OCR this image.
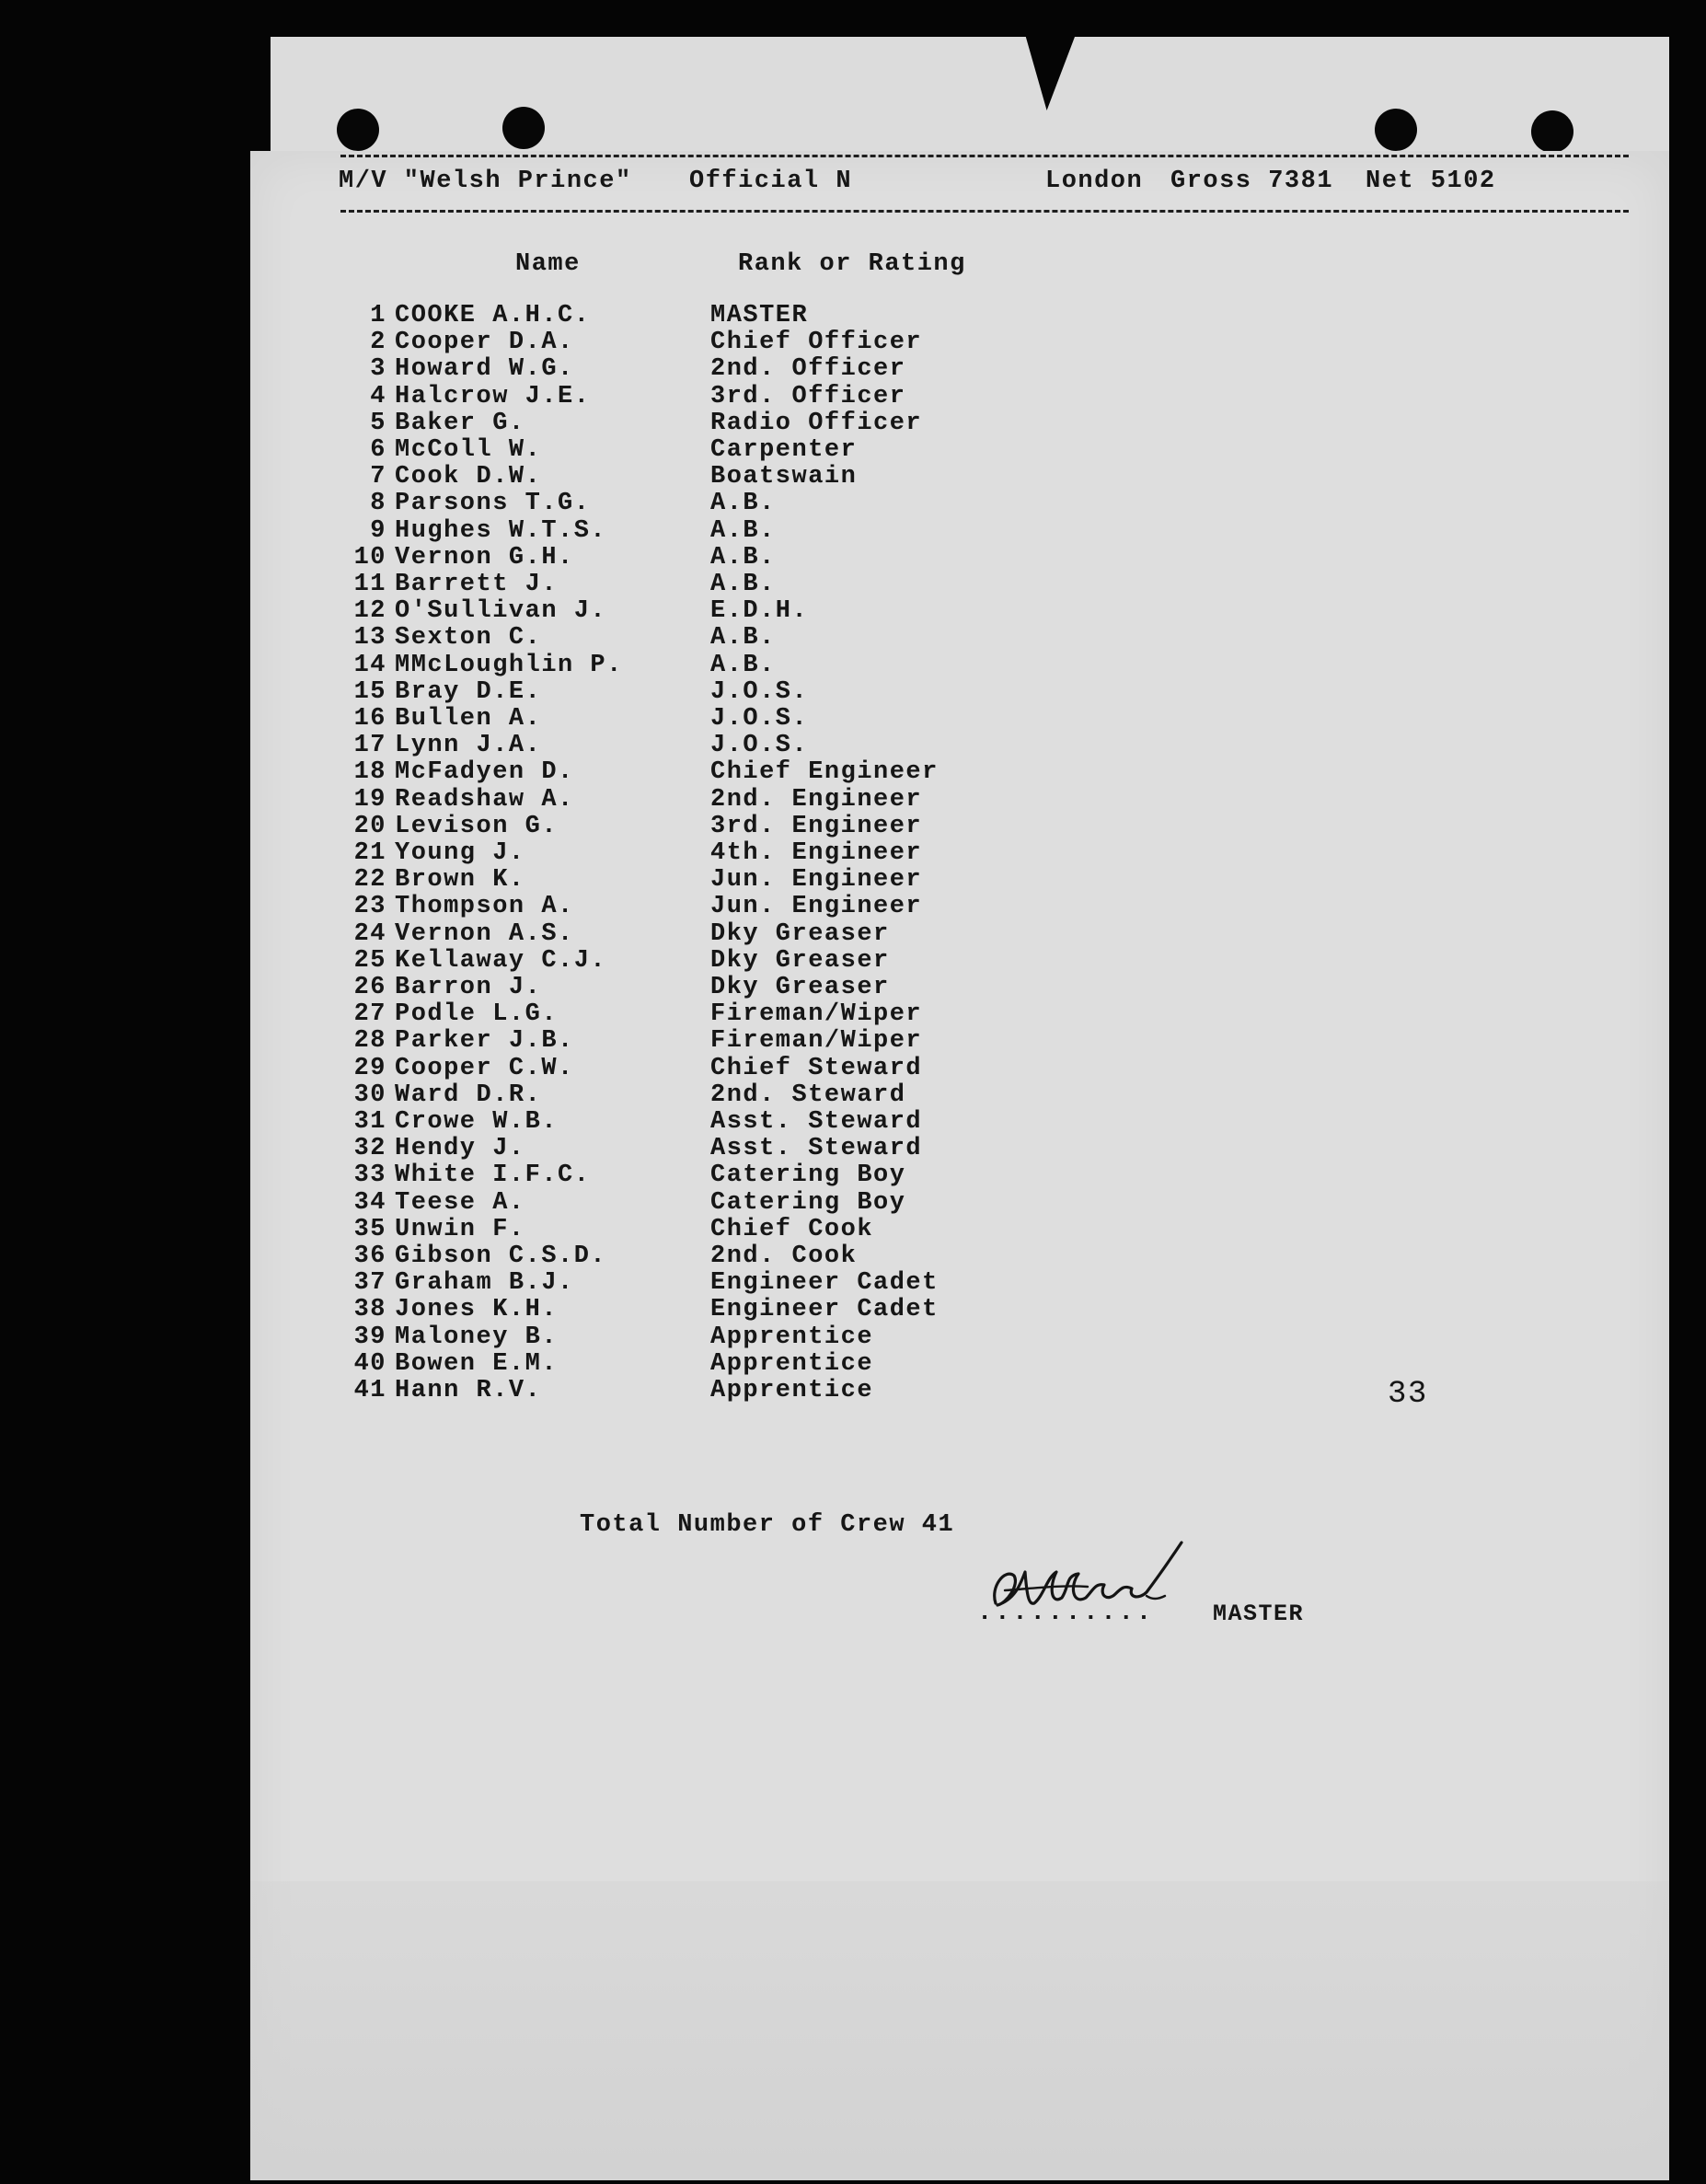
M/V "Welsh Prince" Official N	London Gross 7381 Net 5102
Name	Rank or Rating
1 COOKE A.H.C.	MASTER
2 Cooper D.A.	Chief Officer
3 Howard W.G.	2nd. Officer
4 Halcrow J.E.	3rd. Officer
5 Baker G.	Radio Officer
6 McColl W.	Carpenter
7 Cook D.W.	Boatswain
8 Parsons T.G.	A.B.
9 Hughes W.T.S.	A.B.
10 Vernon G.H.	A.B.
11 Barrett J.	A.B.
12 O'Sullivan J.	E.D.H.
13 Sexton C.	A.B.
14 MMcLoughlin P.	A.B.
15 Bray D.E.	J.O.S.
16 Bullen A.	J.O.S.
17 Lynn J.A.	J.O.S.
18 McFadyen D.	Chief Engineer
19 Readshaw A.	2nd. Engineer
20 Levison G.	3rd. Engineer
21 Young J.	4th. Engineer
22 Brown K.	Jun. Engineer
23 Thompson A.	Jun. Engineer
24 Vernon A.S.	Dky Greaser
25 Kellaway C.J.	Dky Greaser
26 Barron J.	Dky Greaser
27 Podle L.G.	Fireman/Wiper
28 Parker J.B.	Fireman/Wiper
29 Cooper C.W.	Chief Steward
30 Ward D.R.	2nd. Steward
31 Crowe W.B.	Asst. Steward
32 Hendy J.	Asst. Steward
33 White I.F.C.	Catering Boy
34 Teese A.	Catering Boy
35 Unwin F.	Chief Cook
36 Gibson C.S.D.	2nd. Cook
37 Graham B.J.	Engineer Cadet
38 Jones K.H.	Engineer Cadet
39 Maloney B.	Apprentice
40 Bowen E.M.	Apprentice
41 Hann R.V.	Apprentice	33
Total Number of Crew 41
..........	MASTER
